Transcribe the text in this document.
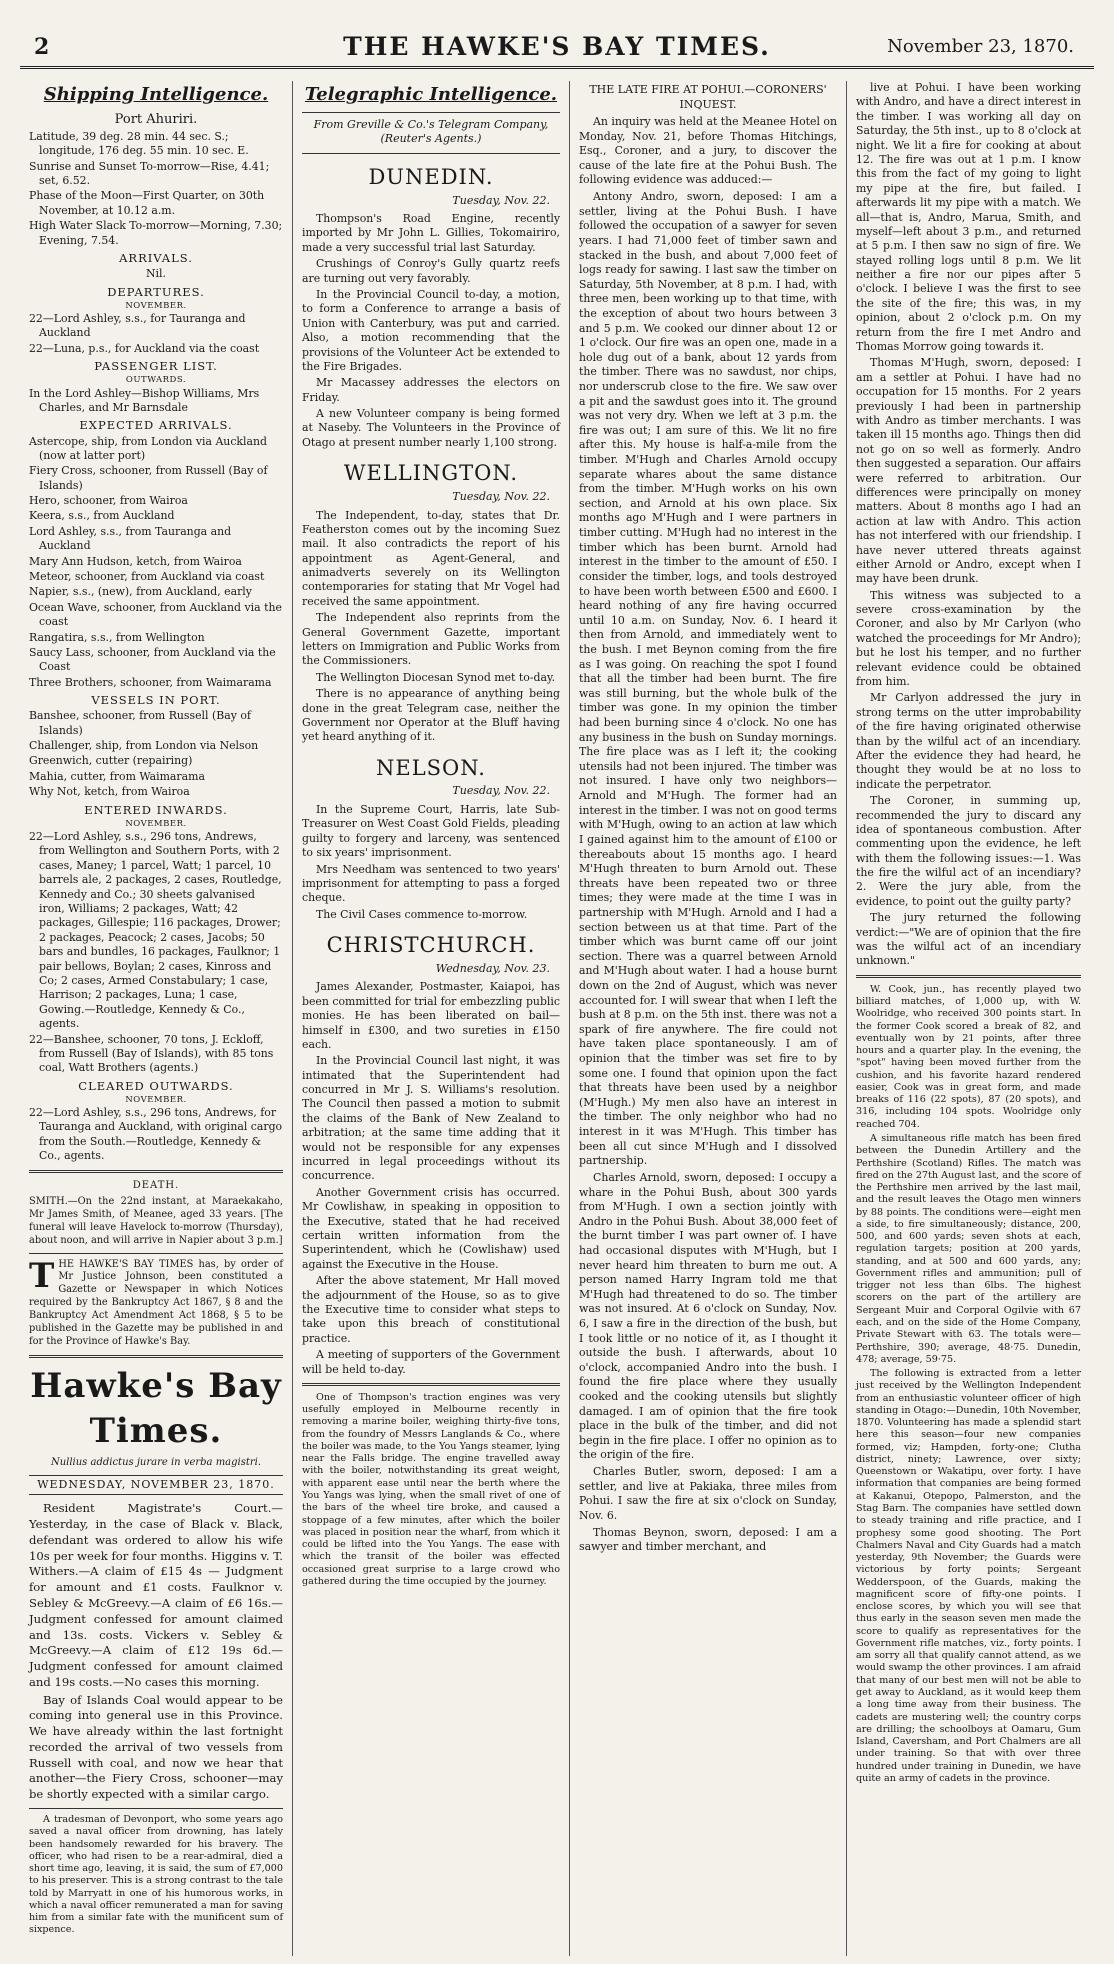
2	THE HAWKE'S BAY TIMES.	November 23, 1870.
Shipping Intelligence.
Port Ahuriri.
Latitude, 39 deg. 28 min. 44 sec. S.; longitude, 176 deg. 55 min. 10 sec. E.
Sunrise and Sunset To-morrow—Rise, 4.41; set, 6.52.
Phase of the Moon—First Quarter, on 30th November, at 10.12 a.m.
High Water Slack To-morrow—Morning, 7.30; Evening, 7.54.
ARRIVALS.
Nil.
DEPARTURES.
NOVEMBER.
22—Lord Ashley, s.s., for Tauranga and Auckland
22—Luna, p.s., for Auckland via the coast
PASSENGER LIST.
OUTWARDS.
In the Lord Ashley—Bishop Williams, Mrs Charles, and Mr Barnsdale
EXPECTED ARRIVALS.
Astercope, ship, from London via Auckland (now at latter port)
Fiery Cross, schooner, from Russell (Bay of Islands)
Hero, schooner, from Wairoa
Keera, s.s., from Auckland
Lord Ashley, s.s., from Tauranga and Auckland
Mary Ann Hudson, ketch, from Wairoa
Meteor, schooner, from Auckland via coast
Napier, s.s., (new), from Auckland, early
Ocean Wave, schooner, from Auckland via the coast
Rangatira, s.s., from Wellington
Saucy Lass, schooner, from Auckland via the Coast
Three Brothers, schooner, from Waimarama
VESSELS IN PORT.
Banshee, schooner, from Russell (Bay of Islands)
Challenger, ship, from London via Nelson
Greenwich, cutter (repairing)
Mahia, cutter, from Waimarama
Why Not, ketch, from Wairoa
ENTERED INWARDS.
NOVEMBER.
22—Lord Ashley, s.s., 296 tons, Andrews, from Wellington and Southern Ports, with 2 cases, Maney; 1 parcel, Watt; 1 parcel, 10 barrels ale, 2 packages, 2 cases, Routledge, Kennedy and Co.; 30 sheets galvanised iron, Williams; 2 packages, Watt; 42 packages, Gillespie; 116 packages, Drower; 2 packages, Peacock; 2 cases, Jacobs; 50 bars and bundles, 16 packages, Faulknor; 1 pair bellows, Boylan; 2 cases, Kinross and Co; 2 cases, Armed Constabulary; 1 case, Harrison; 2 packages, Luna; 1 case, Gowing.—Routledge, Kennedy & Co., agents.
22—Banshee, schooner, 70 tons, J. Eckloff, from Russell (Bay of Islands), with 85 tons coal, Watt Brothers (agents.)
CLEARED OUTWARDS.
NOVEMBER.
22—Lord Ashley, s.s., 296 tons, Andrews, for Tauranga and Auckland, with original cargo from the South.—Routledge, Kennedy & Co., agents.
DEATH.
SMITH.—On the 22nd instant, at Maraekakaho, Mr James Smith, of Meanee, aged 33 years. [The funeral will leave Havelock to-morrow (Thursday), about noon, and will arrive in Napier about 3 p.m.]
THE HAWKE'S BAY TIMES has, by order of Mr Justice Johnson, been constituted a Gazette or Newspaper in which Notices required by the Bankruptcy Act 1867, § 8 and the Bankruptcy Act Amendment Act 1868, § 5 to be published in the Gazette may be published in and for the Province of Hawke's Bay.
Hawke's Bay Times.
Nullius addictus jurare in verba magistri.
WEDNESDAY, NOVEMBER 23, 1870.

Resident Magistrate's Court.—Yesterday, in the case of Black v. Black, defendant was ordered to allow his wife 10s per week for four months. Higgins v. T. Withers.—A claim of £15 4s — Judgment for amount and £1 costs. Faulknor v. Sebley & McGreevy.—A claim of £6 16s.—Judgment confessed for amount claimed and 13s. costs. Vickers v. Sebley & McGreevy.—A claim of £12 19s 6d.—Judgment confessed for amount claimed and 19s costs.—No cases this morning.

Bay of Islands Coal would appear to be coming into general use in this Province. We have already within the last fortnight recorded the arrival of two vessels from Russell with coal, and now we hear that another—the Fiery Cross, schooner—may be shortly expected with a similar cargo.

A tradesman of Devonport, who some years ago saved a naval officer from drowning, has lately been handsomely rewarded for his bravery. The officer, who had risen to be a rear-admiral, died a short time ago, leaving, it is said, the sum of £7,000 to his preserver. This is a strong contrast to the tale told by Marryatt in one of his humorous works, in which a naval officer remunerated a man for saving him from a similar fate with the munificent sum of sixpence.

Telegraphic Intelligence.
From Greville & Co.'s Telegram Company, (Reuter's Agents.)
DUNEDIN.
Tuesday, Nov. 22.

Thompson's Road Engine, recently imported by Mr John L. Gillies, Tokomairiro, made a very successful trial last Saturday.

Crushings of Conroy's Gully quartz reefs are turning out very favorably.

In the Provincial Council to-day, a motion, to form a Conference to arrange a basis of Union with Canterbury, was put and carried. Also, a motion recommending that the provisions of the Volunteer Act be extended to the Fire Brigades.

Mr Macassey addresses the electors on Friday.

A new Volunteer company is being formed at Naseby. The Volunteers in the Province of Otago at present number nearly 1,100 strong.

WELLINGTON.
Tuesday, Nov. 22.

The Independent, to-day, states that Dr. Featherston comes out by the incoming Suez mail. It also contradicts the report of his appointment as Agent-General, and animadverts severely on its Wellington contemporaries for stating that Mr Vogel had received the same appointment.

The Independent also reprints from the General Government Gazette, important letters on Immigration and Public Works from the Commissioners.

The Wellington Diocesan Synod met to-day.

There is no appearance of anything being done in the great Telegram case, neither the Government nor Operator at the Bluff having yet heard anything of it.

NELSON.
Tuesday, Nov. 22.

In the Supreme Court, Harris, late Sub-Treasurer on West Coast Gold Fields, pleading guilty to forgery and larceny, was sentenced to six years' imprisonment.

Mrs Needham was sentenced to two years' imprisonment for attempting to pass a forged cheque.

The Civil Cases commence to-morrow.

CHRISTCHURCH.
Wednesday, Nov. 23.

James Alexander, Postmaster, Kaiapoi, has been committed for trial for embezzling public monies. He has been liberated on bail—himself in £300, and two sureties in £150 each.

In the Provincial Council last night, it was intimated that the Superintendent had concurred in Mr J. S. Williams's resolution. The Council then passed a motion to submit the claims of the Bank of New Zealand to arbitration; at the same time adding that it would not be responsible for any expenses incurred in legal proceedings without its concurrence.

Another Government crisis has occurred. Mr Cowlishaw, in speaking in opposition to the Executive, stated that he had received certain written information from the Superintendent, which he (Cowlishaw) used against the Executive in the House.

After the above statement, Mr Hall moved the adjournment of the House, so as to give the Executive time to consider what steps to take upon this breach of constitutional practice.

A meeting of supporters of the Government will be held to-day.

One of Thompson's traction engines was very usefully employed in Melbourne recently in removing a marine boiler, weighing thirty-five tons, from the foundry of Messrs Langlands & Co., where the boiler was made, to the You Yangs steamer, lying near the Falls bridge. The engine travelled away with the boiler, notwithstanding its great weight, with apparent ease until near the berth where the You Yangs was lying, when the small rivet of one of the bars of the wheel tire broke, and caused a stoppage of a few minutes, after which the boiler was placed in position near the wharf, from which it could be lifted into the You Yangs. The ease with which the transit of the boiler was effected occasioned great surprise to a large crowd who gathered during the time occupied by the journey.

THE LATE FIRE AT POHUI.—CORONERS' INQUEST.

An inquiry was held at the Meanee Hotel on Monday, Nov. 21, before Thomas Hitchings, Esq., Coroner, and a jury, to discover the cause of the late fire at the Pohui Bush. The following evidence was adduced:—

Antony Andro, sworn, deposed: I am a settler, living at the Pohui Bush. I have followed the occupation of a sawyer for seven years. I had 71,000 feet of timber sawn and stacked in the bush, and about 7,000 feet of logs ready for sawing. I last saw the timber on Saturday, 5th November, at 8 p.m. I had, with three men, been working up to that time, with the exception of about two hours between 3 and 5 p.m. We cooked our dinner about 12 or 1 o'clock. Our fire was an open one, made in a hole dug out of a bank, about 12 yards from the timber. There was no sawdust, nor chips, nor underscrub close to the fire. We saw over a pit and the sawdust goes into it. The ground was not very dry. When we left at 3 p.m. the fire was out; I am sure of this. We lit no fire after this. My house is half-a-mile from the timber. M'Hugh and Charles Arnold occupy separate whares about the same distance from the timber. M'Hugh works on his own section, and Arnold at his own place. Six months ago M'Hugh and I were partners in timber cutting. M'Hugh had no interest in the timber which has been burnt. Arnold had interest in the timber to the amount of £50. I consider the timber, logs, and tools destroyed to have been worth between £500 and £600. I heard nothing of any fire having occurred until 10 a.m. on Sunday, Nov. 6. I heard it then from Arnold, and immediately went to the bush. I met Beynon coming from the fire as I was going. On reaching the spot I found that all the timber had been burnt. The fire was still burning, but the whole bulk of the timber was gone. In my opinion the timber had been burning since 4 o'clock. No one has any business in the bush on Sunday mornings. The fire place was as I left it; the cooking utensils had not been injured. The timber was not insured. I have only two neighbors—Arnold and M'Hugh. The former had an interest in the timber. I was not on good terms with M'Hugh, owing to an action at law which I gained against him to the amount of £100 or thereabouts about 15 months ago. I heard M'Hugh threaten to burn Arnold out. These threats have been repeated two or three times; they were made at the time I was in partnership with M'Hugh. Arnold and I had a section between us at that time. Part of the timber which was burnt came off our joint section. There was a quarrel between Arnold and M'Hugh about water. I had a house burnt down on the 2nd of August, which was never accounted for. I will swear that when I left the bush at 8 p.m. on the 5th inst. there was not a spark of fire anywhere. The fire could not have taken place spontaneously. I am of opinion that the timber was set fire to by some one. I found that opinion upon the fact that threats have been used by a neighbor (M'Hugh.) My men also have an interest in the timber. The only neighbor who had no interest in it was M'Hugh. This timber has been all cut since M'Hugh and I dissolved partnership.

Charles Arnold, sworn, deposed: I occupy a whare in the Pohui Bush, about 300 yards from M'Hugh. I own a section jointly with Andro in the Pohui Bush. About 38,000 feet of the burnt timber I was part owner of. I have had occasional disputes with M'Hugh, but I never heard him threaten to burn me out. A person named Harry Ingram told me that M'Hugh had threatened to do so. The timber was not insured. At 6 o'clock on Sunday, Nov. 6, I saw a fire in the direction of the bush, but I took little or no notice of it, as I thought it outside the bush. I afterwards, about 10 o'clock, accompanied Andro into the bush. I found the fire place where they usually cooked and the cooking utensils but slightly damaged. I am of opinion that the fire took place in the bulk of the timber, and did not begin in the fire place. I offer no opinion as to the origin of the fire.

Charles Butler, sworn, deposed: I am a settler, and live at Pakiaka, three miles from Pohui. I saw the fire at six o'clock on Sunday, Nov. 6.

Thomas Beynon, sworn, deposed: I am a sawyer and timber merchant, and

live at Pohui. I have been working with Andro, and have a direct interest in the timber. I was working all day on Saturday, the 5th inst., up to 8 o'clock at night. We lit a fire for cooking at about 12. The fire was out at 1 p.m. I know this from the fact of my going to light my pipe at the fire, but failed. I afterwards lit my pipe with a match. We all—that is, Andro, Marua, Smith, and myself—left about 3 p.m., and returned at 5 p.m. I then saw no sign of fire. We stayed rolling logs until 8 p.m. We lit neither a fire nor our pipes after 5 o'clock. I believe I was the first to see the site of the fire; this was, in my opinion, about 2 o'clock p.m. On my return from the fire I met Andro and Thomas Morrow going towards it.

Thomas M'Hugh, sworn, deposed: I am a settler at Pohui. I have had no occupation for 15 months. For 2 years previously I had been in partnership with Andro as timber merchants. I was taken ill 15 months ago. Things then did not go on so well as formerly. Andro then suggested a separation. Our affairs were referred to arbitration. Our differences were principally on money matters. About 8 months ago I had an action at law with Andro. This action has not interfered with our friendship. I have never uttered threats against either Arnold or Andro, except when I may have been drunk.

This witness was subjected to a severe cross-examination by the Coroner, and also by Mr Carlyon (who watched the proceedings for Mr Andro); but he lost his temper, and no further relevant evidence could be obtained from him.

Mr Carlyon addressed the jury in strong terms on the utter improbability of the fire having originated otherwise than by the wilful act of an incendiary. After the evidence they had heard, he thought they would be at no loss to indicate the perpetrator.

The Coroner, in summing up, recommended the jury to discard any idea of spontaneous combustion. After commenting upon the evidence, he left with them the following issues:—1. Was the fire the wilful act of an incendiary? 2. Were the jury able, from the evidence, to point out the guilty party?

The jury returned the following verdict:—"We are of opinion that the fire was the wilful act of an incendiary unknown."

W. Cook, jun., has recently played two billiard matches, of 1,000 up, with W. Woolridge, who received 300 points start. In the former Cook scored a break of 82, and eventually won by 21 points, after three hours and a quarter play. In the evening, the "spot" having been moved further from the cushion, and his favorite hazard rendered easier, Cook was in great form, and made breaks of 116 (22 spots), 87 (20 spots), and 316, including 104 spots. Woolridge only reached 704.

A simultaneous rifle match has been fired between the Dunedin Artillery and the Perthshire (Scotland) Rifles. The match was fired on the 27th August last, and the score of the Perthshire men arrived by the last mail, and the result leaves the Otago men winners by 88 points. The conditions were—eight men a side, to fire simultaneously; distance, 200, 500, and 600 yards; seven shots at each, regulation targets; position at 200 yards, standing, and at 500 and 600 yards, any; Government rifles and ammunition; pull of trigger not less than 6lbs. The highest scorers on the part of the artillery are Sergeant Muir and Corporal Ogilvie with 67 each, and on the side of the Home Company, Private Stewart with 63. The totals were—Perthshire, 390; average, 48·75. Dunedin, 478; average, 59·75.

The following is extracted from a letter just received by the Wellington Independent from an enthusiastic volunteer officer of high standing in Otago:—Dunedin, 10th November, 1870. Volunteering has made a splendid start here this season—four new companies formed, viz; Hampden, forty-one; Clutha district, ninety; Lawrence, over sixty; Queenstown or Wakatipu, over forty. I have information that companies are being formed at Kakanui, Otepopo, Palmerston, and the Stag Barn. The companies have settled down to steady training and rifle practice, and I prophesy some good shooting. The Port Chalmers Naval and City Guards had a match yesterday, 9th November; the Guards were victorious by forty points; Sergeant Wedderspoon, of the Guards, making the magnificent score of fifty-one points. I enclose scores, by which you will see that thus early in the season seven men made the score to qualify as representatives for the Government rifle matches, viz., forty points. I am sorry all that qualify cannot attend, as we would swamp the other provinces. I am afraid that many of our best men will not be able to get away to Auckland, as it would keep them a long time away from their business. The cadets are mustering well; the country corps are drilling; the schoolboys at Oamaru, Gum Island, Caversham, and Port Chalmers are all under training. So that with over three hundred under training in Dunedin, we have quite an army of cadets in the province.
